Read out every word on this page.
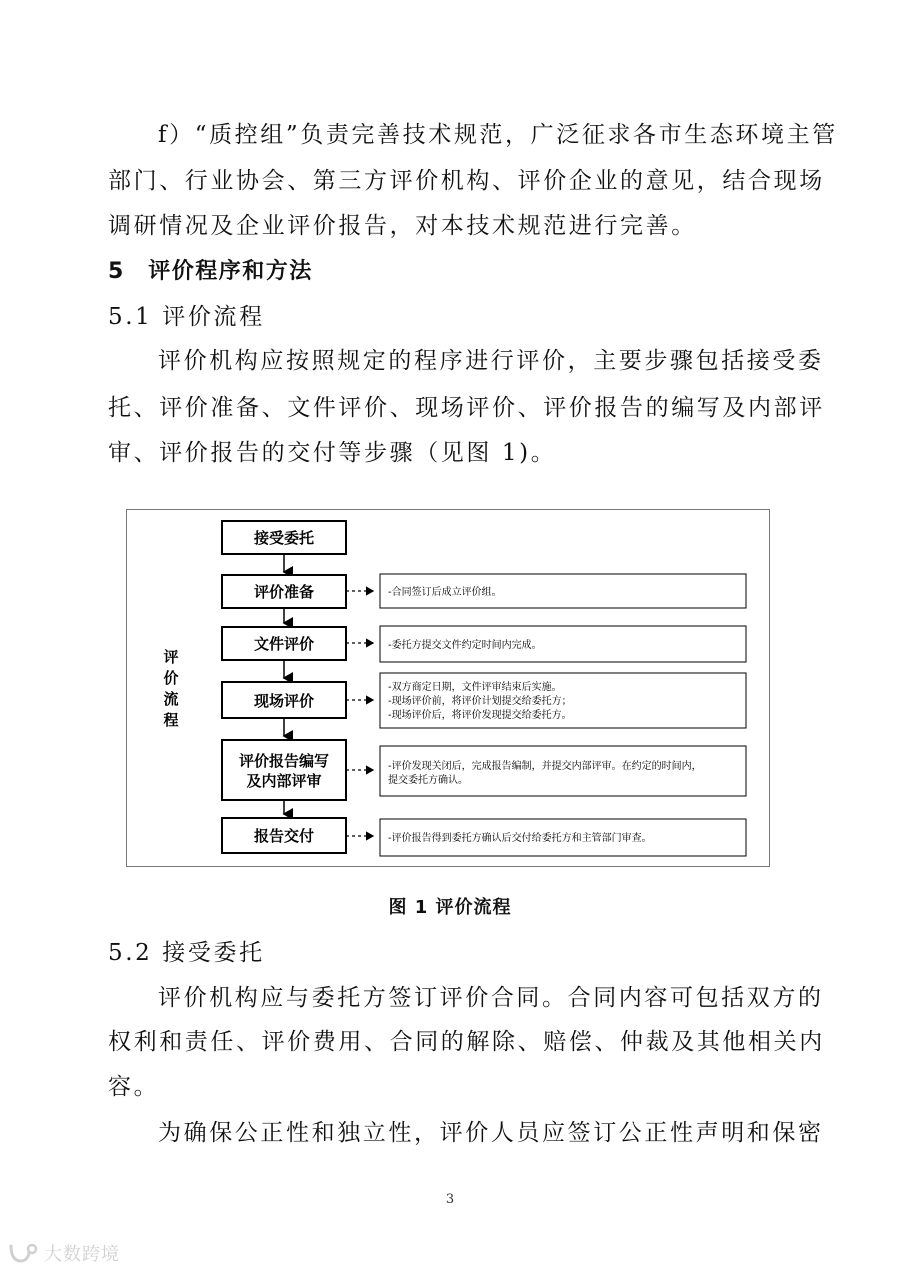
f）“质控组”负责完善技术规范，广泛征求各市生态环境主管
部门、行业协会、第三方评价机构、评价企业的意见，结合现场
调研情况及企业评价报告，对本技术规范进行完善。
5　评价程序和方法
5.1 评价流程
评价机构应按照规定的程序进行评价，主要步骤包括接受委
托、评价准备、文件评价、现场评价、评价报告的编写及内部评
审、评价报告的交付等步骤（见图 1)。
评
价
流
程
接受委托
评价准备	-合同签订后成立评价组。
文件评价	-委托方提交文件约定时间内完成。
现场评价
-双方商定日期，文件评审结束后实施。
-现场评价前，将评价计划提交给委托方；
-现场评价后，将评价发现提交给委托方。
评价报告编写
及内部评审
-评价发现关闭后，完成报告编制，并提交内部评审。在约定的时间内，
提交委托方确认。
报告交付	-评价报告得到委托方确认后交付给委托方和主管部门审查。
图 1 评价流程
5.2 接受委托
评价机构应与委托方签订评价合同。合同内容可包括双方的
权利和责任、评价费用、合同的解除、赔偿、仲裁及其他相关内
容。
为确保公正性和独立性，评价人员应签订公正性声明和保密
3
大数跨境
